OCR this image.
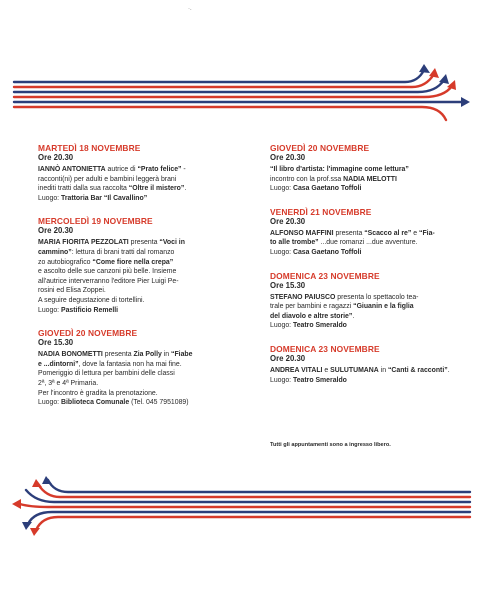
·.
MARTEDÌ 18 NOVEMBRE
Ore 20.30
IANNÒ ANTONIETTA autrice di “Prato felice” -
racconti(ni) per adulti e bambini leggerà brani
inediti tratti dalla sua raccolta “Oltre il mistero”.
Luogo: Trattoria Bar “Il Cavallino”
MERCOLEDÌ 19 NOVEMBRE
Ore 20.30
MARIA FIORITA PEZZOLATI presenta “Voci in
cammino”: lettura di brani tratti dal romanzo
zo autobiografico “Come fiore nella crepa”
e ascolto delle sue canzoni più belle. Insieme
all'autrice interverranno l'editore Pier Luigi Pe-
rosini ed Elisa Zoppei.
A seguire degustazione di tortellini.
Luogo: Pastificio Remelli
GIOVEDÌ 20 NOVEMBRE
Ore 15.30
NADIA BONOMETTI presenta Zia Polly in “Fiabe
e ...dintorni”, dove la fantasia non ha mai fine.
Pomeriggio di lettura per bambini delle classi
2ª, 3ª e 4ª Primaria.
Per l'incontro è gradita la prenotazione.
Luogo: Biblioteca Comunale (Tel. 045 7951089)
GIOVEDÌ 20 NOVEMBRE
Ore 20.30
“Il libro d'artista: l'immagine come lettura”
incontro con la prof.ssa NADIA MELOTTI
Luogo: Casa Gaetano Toffoli
VENERDÌ 21 NOVEMBRE
Ore 20.30
ALFONSO MAFFINI presenta “Scacco al re” e “Fia-
to alle trombe” ...due romanzi ...due avventure.
Luogo: Casa Gaetano Toffoli
DOMENICA 23 NOVEMBRE
Ore 15.30
STEFANO PAIUSCO presenta lo spettacolo tea-
trale per bambini e ragazzi “Giuanin e la figlia
del diavolo e altre storie”.
Luogo: Teatro Smeraldo
DOMENICA 23 NOVEMBRE
Ore 20.30
ANDREA VITALI e SULUTUMANA in “Canti & racconti”.
Luogo: Teatro Smeraldo
Tutti gli appuntamenti sono a ingresso libero.
